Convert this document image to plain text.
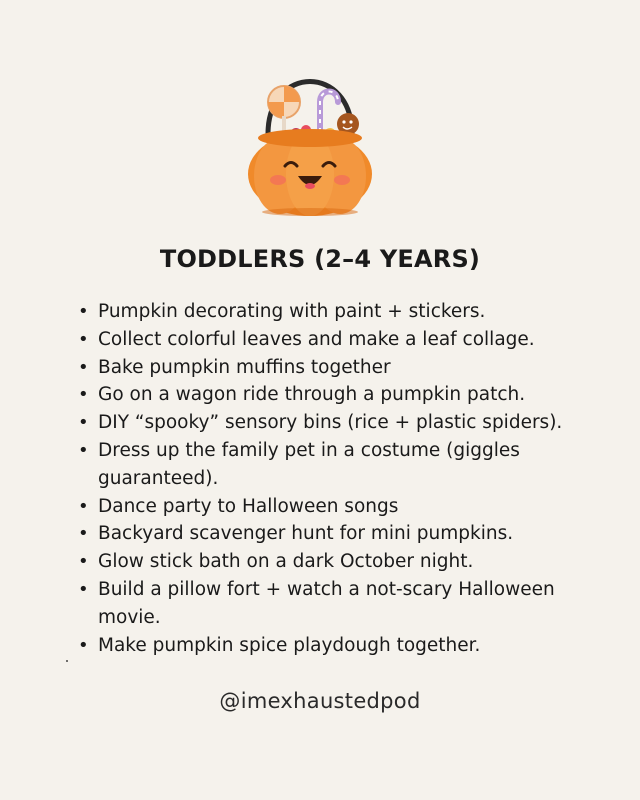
TODDLERS (2–4 YEARS)
• Pumpkin decorating with paint + stickers.
• Collect colorful leaves and make a leaf collage.
• Bake pumpkin muffins together
• Go on a wagon ride through a pumpkin patch.
• DIY “spooky” sensory bins (rice + plastic spiders).
• Dress up the family pet in a costume (giggles guaranteed).
• Dance party to Halloween songs
• Backyard scavenger hunt for mini pumpkins.
• Glow stick bath on a dark October night.
• Build a pillow fort + watch a not-scary Halloween movie.
• Make pumpkin spice playdough together.
@imexhaustedpod
